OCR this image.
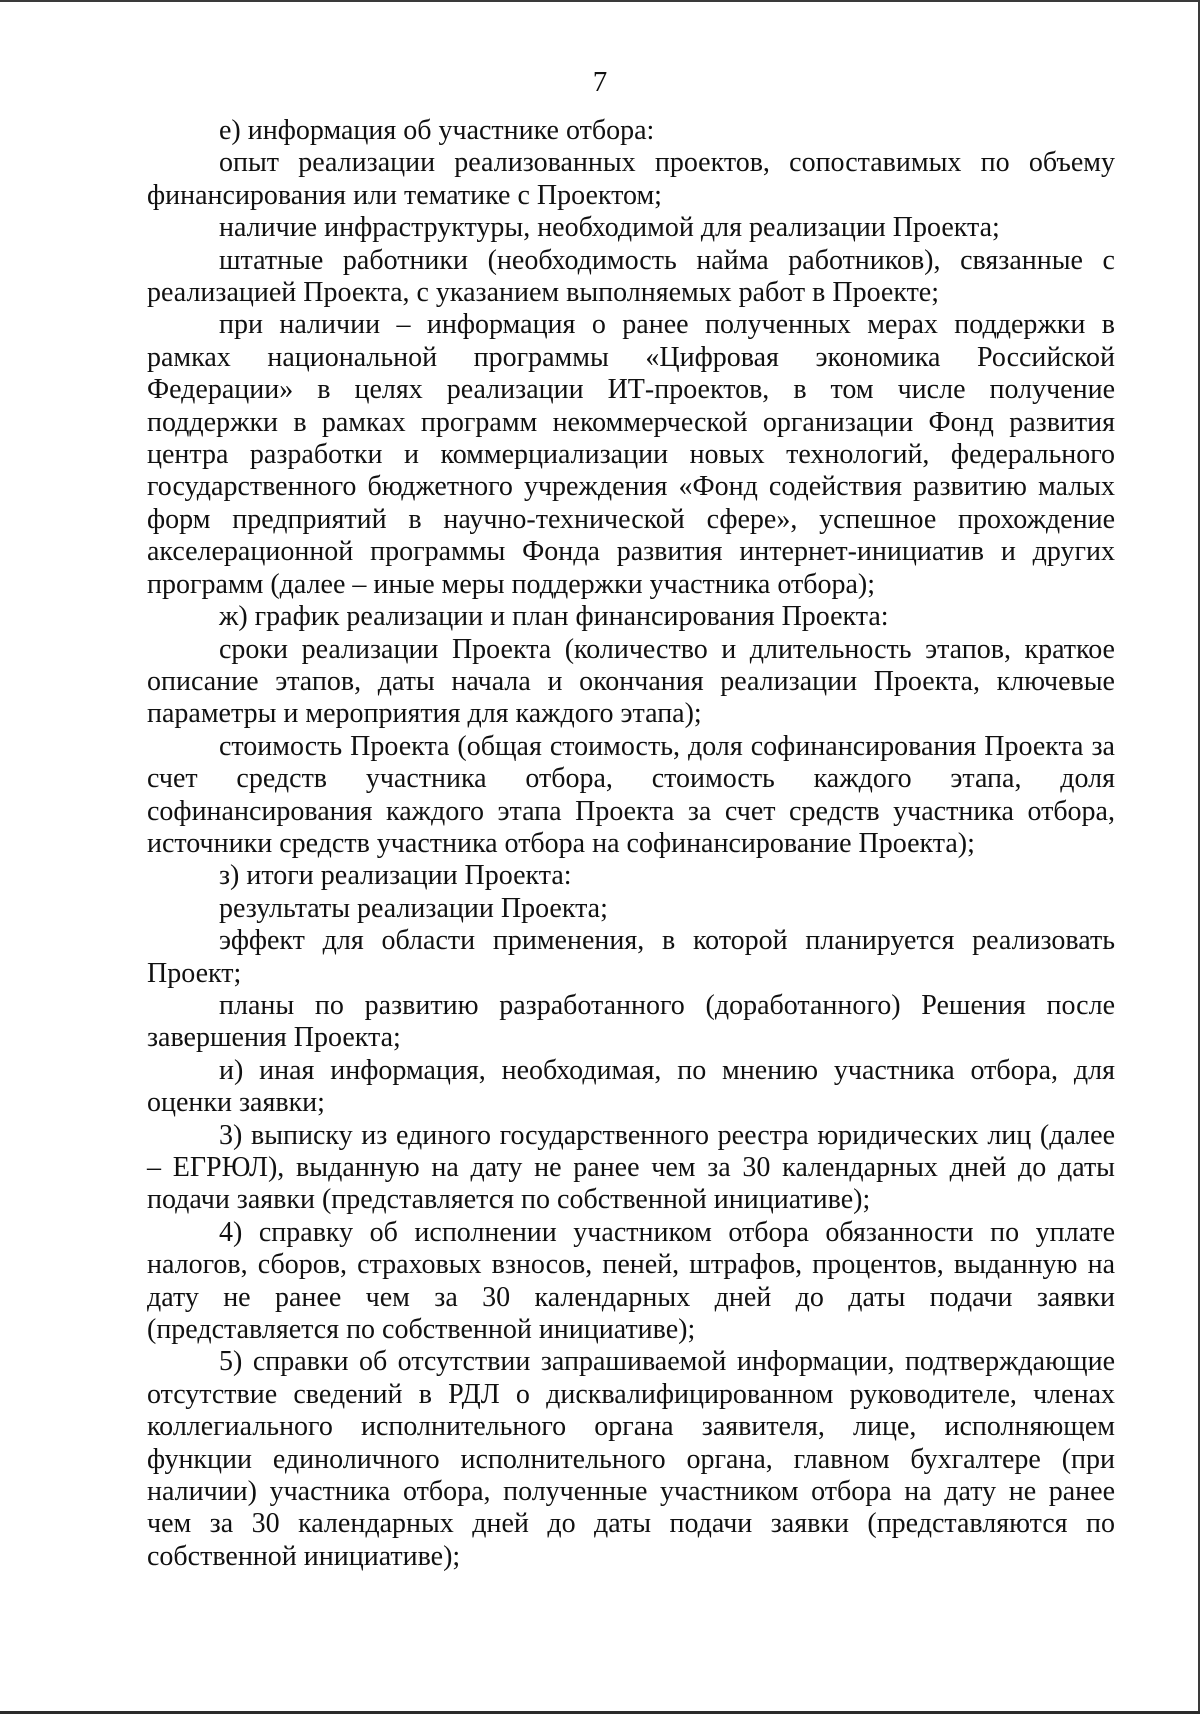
7

е) информация об участнике отбора:

опыт реализации реализованных проектов, сопоставимых по объему финансирования или тематике с Проектом;

наличие инфраструктуры, необходимой для реализации Проекта;

штатные работники (необходимость найма работников), связанные с реализацией Проекта, с указанием выполняемых работ в Проекте;

при наличии – информация о ранее полученных мерах поддержки в рамках национальной программы «Цифровая экономика Российской Федерации» в целях реализации ИТ-проектов, в том числе получение поддержки в рамках программ некоммерческой организации Фонд развития центра разработки и коммерциализации новых технологий, федерального государственного бюджетного учреждения «Фонд содействия развитию малых форм предприятий в научно-технической сфере», успешное прохождение акселерационной программы Фонда развития интернет-инициатив и других программ (далее – иные меры поддержки участника отбора);

ж) график реализации и план финансирования Проекта:

сроки реализации Проекта (количество и длительность этапов, краткое описание этапов, даты начала и окончания реализации Проекта, ключевые параметры и мероприятия для каждого этапа);

стоимость Проекта (общая стоимость, доля софинансирования Проекта за счет средств участника отбора, стоимость каждого этапа, доля софинансирования каждого этапа Проекта за счет средств участника отбора, источники средств участника отбора на софинансирование Проекта);

з) итоги реализации Проекта:

результаты реализации Проекта;

эффект для области применения, в которой планируется реализовать Проект;

планы по развитию разработанного (доработанного) Решения после завершения Проекта;

и) иная информация, необходимая, по мнению участника отбора, для оценки заявки;

3) выписку из единого государственного реестра юридических лиц (далее – ЕГРЮЛ), выданную на дату не ранее чем за 30 календарных дней до даты подачи заявки (представляется по собственной инициативе);

4) справку об исполнении участником отбора обязанности по уплате налогов, сборов, страховых взносов, пеней, штрафов, процентов, выданную на дату не ранее чем за 30 календарных дней до даты подачи заявки (представляется по собственной инициативе);

5) справки об отсутствии запрашиваемой информации, подтверждающие отсутствие сведений в РДЛ о дисквалифицированном руководителе, членах коллегиального исполнительного органа заявителя, лице, исполняющем функции единоличного исполнительного органа, главном бухгалтере (при наличии) участника отбора, полученные участником отбора на дату не ранее чем за 30 календарных дней до даты подачи заявки (представляются по собственной инициативе);
